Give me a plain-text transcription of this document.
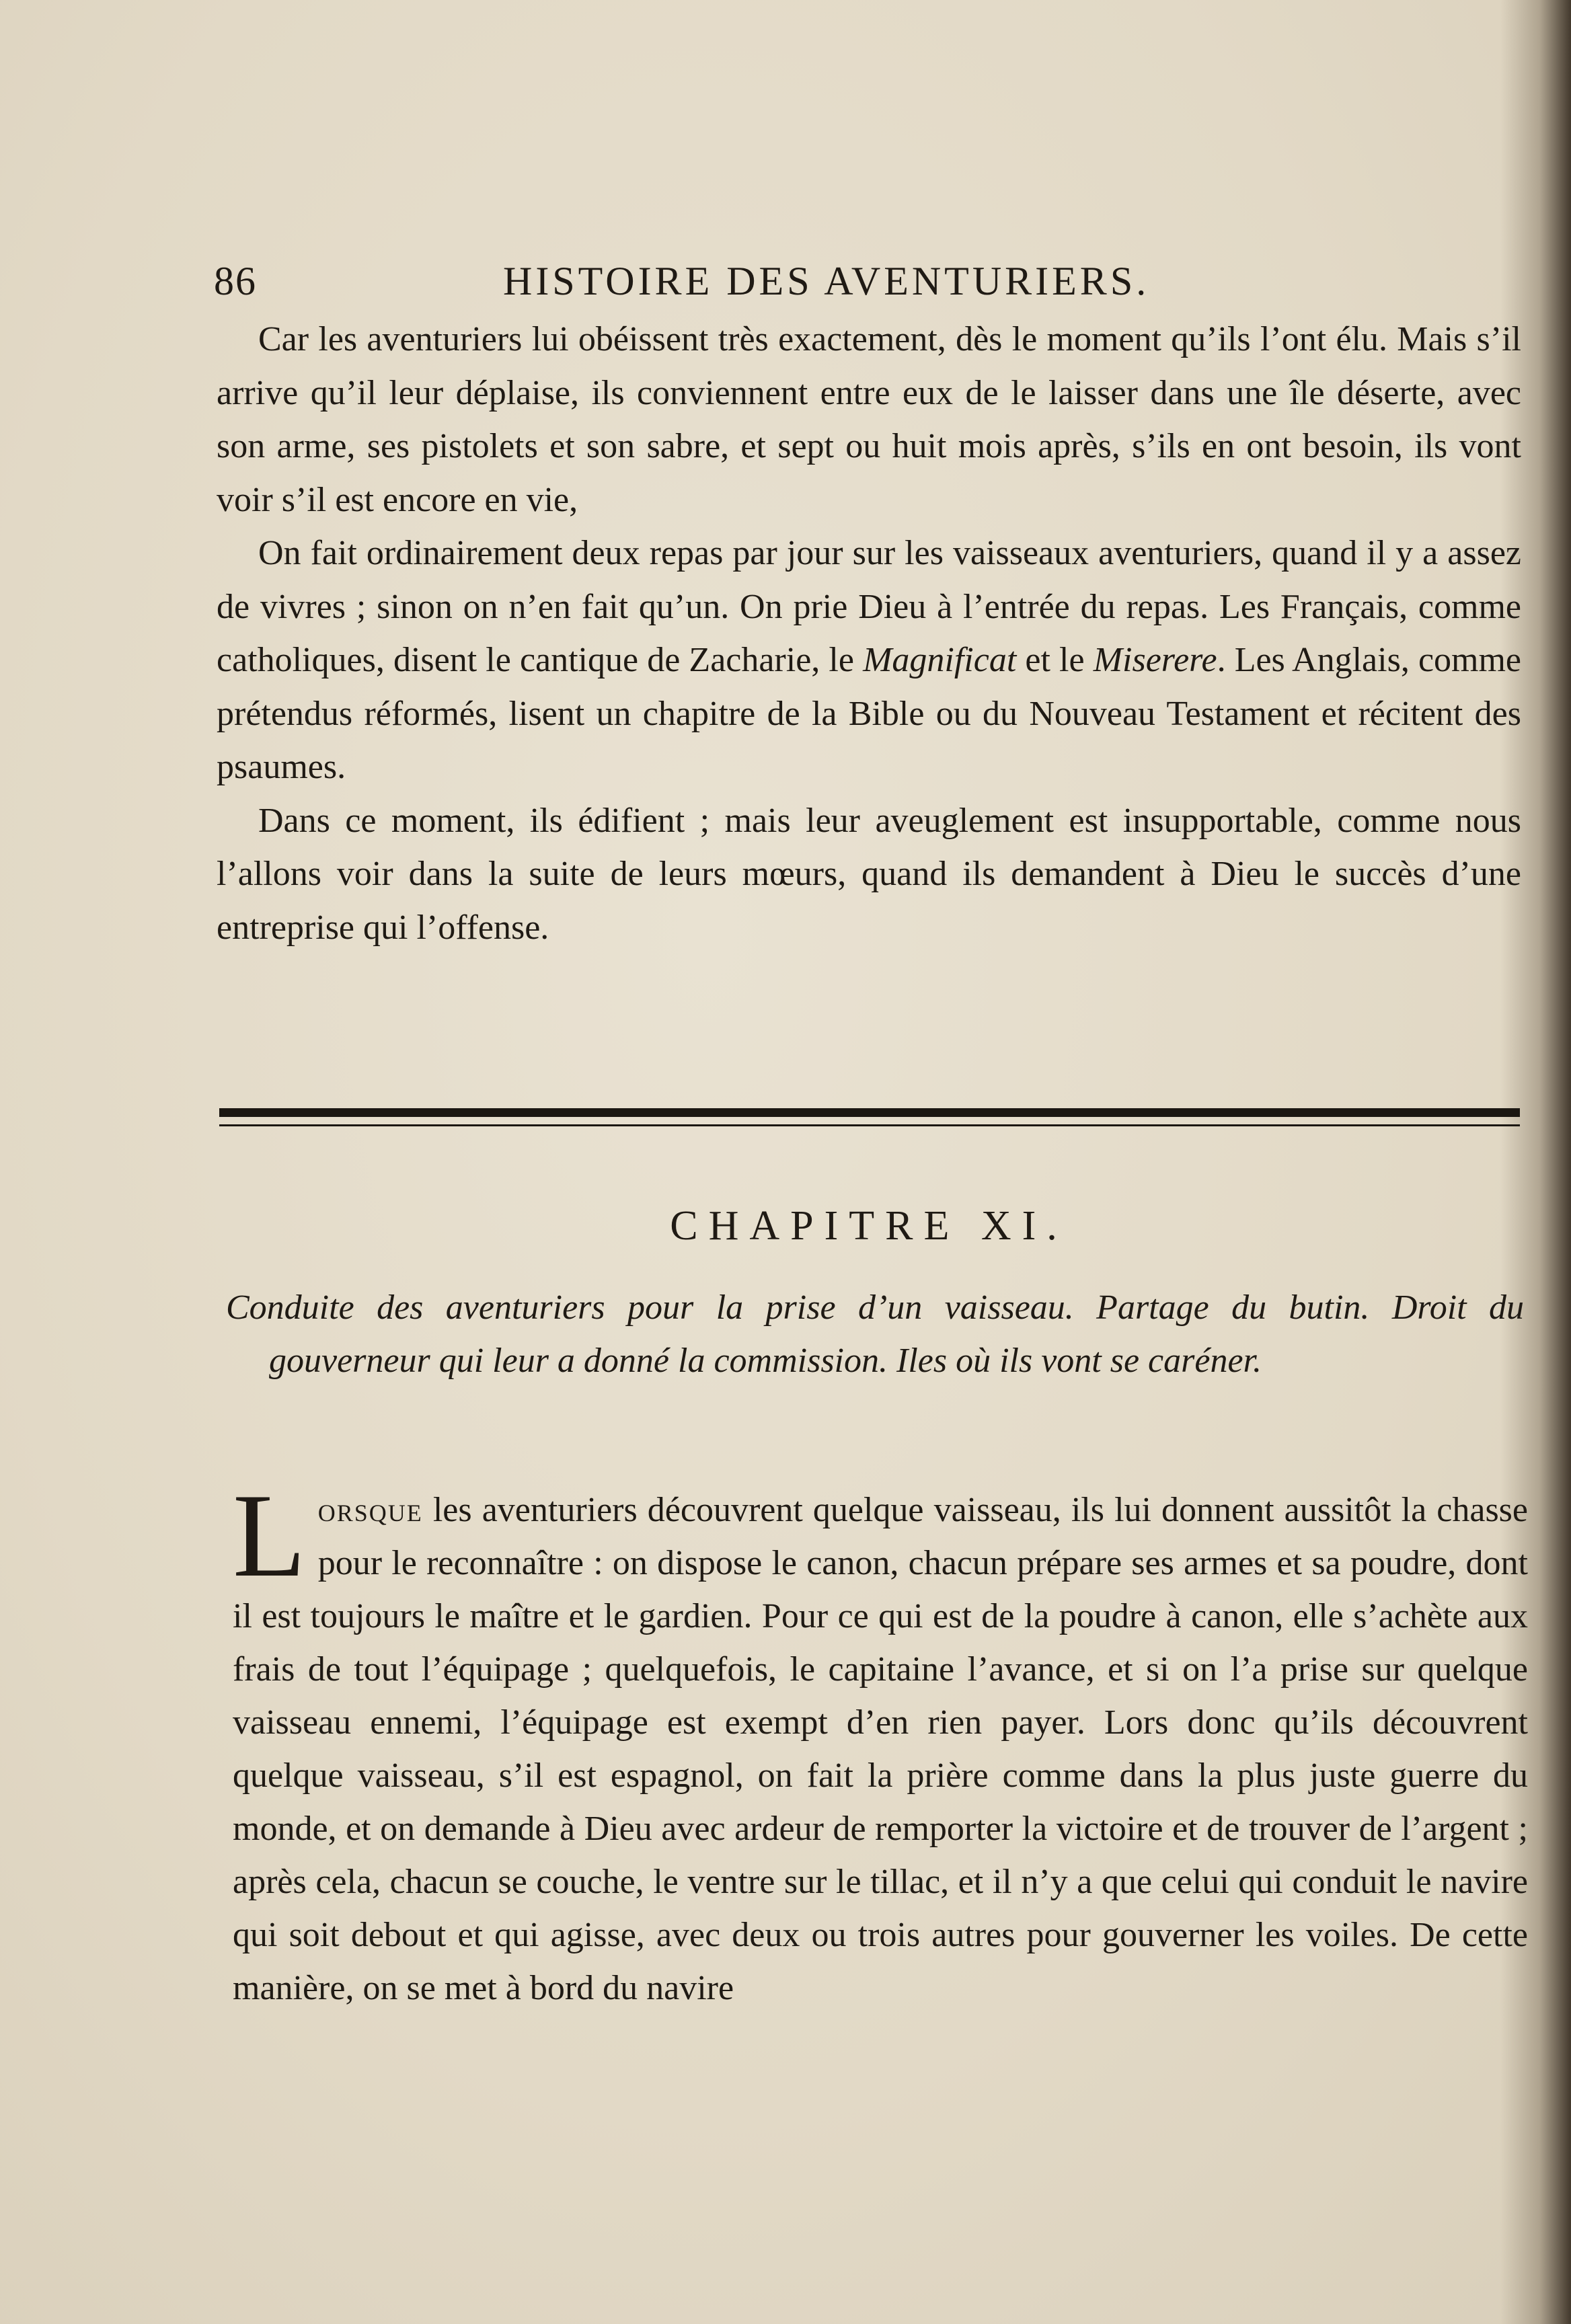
86	HISTOIRE DES AVENTURIERS.

Car les aventuriers lui obéissent très exactement, dès le moment qu’ils l’ont élu. Mais s’il arrive qu’il leur déplaise, ils conviennent entre eux de le laisser dans une île déserte, avec son arme, ses pistolets et son sabre, et sept ou huit mois après, s’ils en ont besoin, ils vont voir s’il est encore en vie,

On fait ordinairement deux repas par jour sur les vaisseaux aventuriers, quand il y a assez de vivres ; sinon on n’en fait qu’un. On prie Dieu à l’entrée du repas. Les Français, comme catholiques, disent le cantique de Zacharie, le Magnificat et le Miserere. Les Anglais, comme prétendus réformés, lisent un chapitre de la Bible ou du Nouveau Testament et récitent des psaumes.

Dans ce moment, ils édifient ; mais leur aveuglement est insupportable, comme nous l’allons voir dans la suite de leurs mœurs, quand ils demandent à Dieu le succès d’une entreprise qui l’offense.

CHAPITRE XI.
Conduite des aventuriers pour la prise d’un vaisseau. Partage du butin. Droit du gouverneur qui leur a donné la commission. Iles où ils vont se caréner.
Lorsque les aventuriers découvrent quelque vaisseau, ils lui donnent aussitôt la chasse pour le reconnaître : on dispose le canon, chacun prépare ses armes et sa poudre, dont il est toujours le maître et le gardien. Pour ce qui est de la poudre à canon, elle s’achète aux frais de tout l’équipage ; quelquefois, le capitaine l’avance, et si on l’a prise sur quelque vaisseau ennemi, l’équipage est exempt d’en rien payer. Lors donc qu’ils découvrent quelque vaisseau, s’il est espagnol, on fait la prière comme dans la plus juste guerre du monde, et on demande à Dieu avec ardeur de remporter la victoire et de trouver de l’argent ; après cela, chacun se couche, le ventre sur le tillac, et il n’y a que celui qui conduit le navire qui soit debout et qui agisse, avec deux ou trois autres pour gouverner les voiles. De cette manière, on se met à bord du navire
